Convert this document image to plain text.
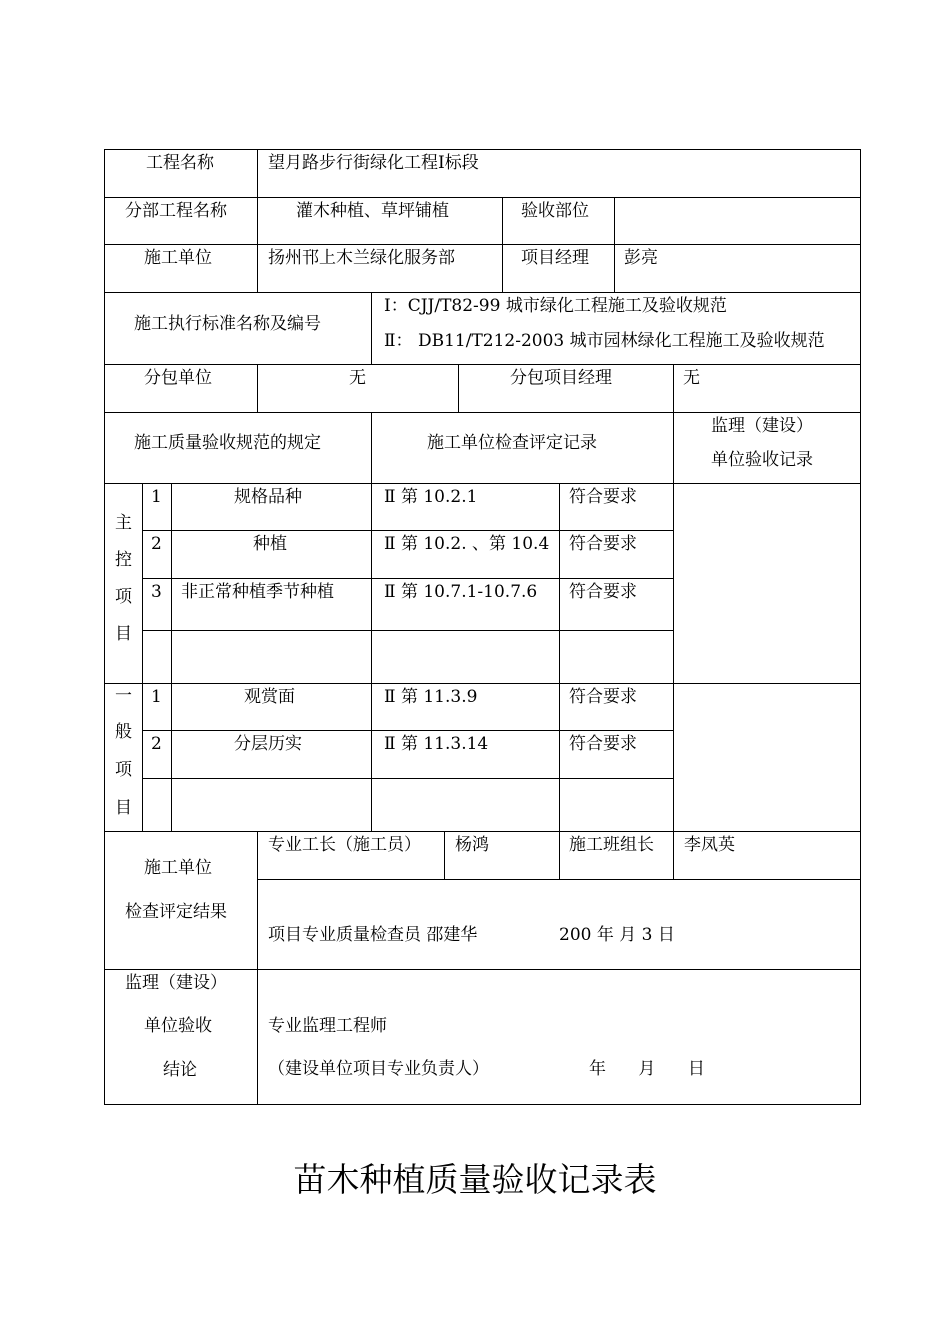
工程名称	望月路步行街绿化工程Ⅰ标段
分部工程名称	灌木种植、草坪铺植	验收部位
施工单位	扬州邗上木兰绿化服务部	项目经理 彭亮
施工执行标准名称及编号
Ⅰ：CJJ/T82-99 城市绿化工程施工及验收规范
Ⅱ： DB11/T212-2003 城市园林绿化工程施工及验收规范
分包单位	无	分包项目经理	无
施工质量验收规范的规定	施工单位检查评定记录
监理（建设）
单位验收记录
主
控
项
目
1	规格品种	Ⅱ 第 10.2.1	符合要求
2	种植	Ⅱ 第 10.2. 、第 10.4 符合要求
3 非正常种植季节种植	Ⅱ 第 10.7.1-10.7.6 符合要求
一
般
项
目
1	观赏面	Ⅱ 第 11.3.9	符合要求
2	分层历实	Ⅱ 第 11.3.14	符合要求
施工单位
检查评定结果
专业工长（施工员） 杨鸿	施工班组长 李凤英
项目专业质量检查员 邵建华	200 年 月 3 日
监理（建设）
单位验收
结论
专业监理工程师
（建设单位项目专业负责人）	年      月      日
苗木种植质量验收记录表
